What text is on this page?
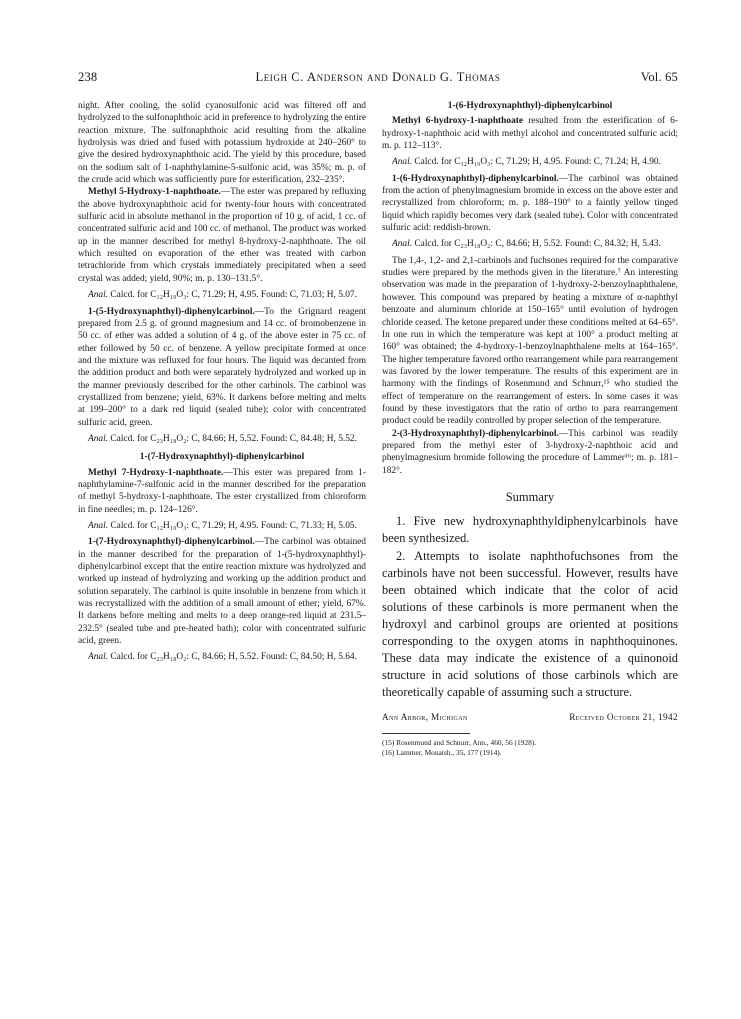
238	Leigh C. Anderson and Donald G. Thomas	Vol. 65

night. After cooling, the solid cyanosulfonic acid was filtered off and hydrolyzed to the sulfonaphthoic acid in preference to hydrolyzing the entire reaction mixture. The sulfonaphthoic acid resulting from the alkaline hydrolysis was dried and fused with potassium hydroxide at 240–260° to give the desired hydroxynaphthoic acid. The yield by this procedure, based on the sodium salt of 1-naphthylamine-5-sulfonic acid, was 35%; m. p. of the crude acid which was sufficiently pure for esterification, 232–235°.

Methyl 5-Hydroxy-1-naphthoate.—The ester was prepared by refluxing the above hydroxynaphthoic acid for twenty-four hours with concentrated sulfuric acid in absolute methanol in the proportion of 10 g. of acid, 1 cc. of concentrated sulfuric acid and 100 cc. of methanol. The product was worked up in the manner described for methyl 8-hydroxy-2-naphthoate. The oil which resulted on evaporation of the ether was treated with carbon tetrachloride from which crystals immediately precipitated when a seed crystal was added; yield, 90%; m. p. 130–131.5°.

Anal. Calcd. for C₁₂H₁₀O₃: C, 71.29; H, 4.95. Found: C, 71.03; H, 5.07.

1-(5-Hydroxynaphthyl)-diphenylcarbinol.—To the Grignard reagent prepared from 2.5 g. of ground magnesium and 14 cc. of bromobenzene in 50 cc. of ether was added a solution of 4 g. of the above ester in 75 cc. of ether followed by 50 cc. of benzene. A yellow precipitate formed at once and the mixture was refluxed for four hours. The liquid was decanted from the addition product and both were separately hydrolyzed and worked up in the manner previously described for the other carbinols. The carbinol was crystallized from benzene; yield, 63%. It darkens before melting and melts at 199–200° to a dark red liquid (sealed tube); color with concentrated sulfuric acid, green.

Anal. Calcd. for C₂₃H₁₈O₂: C, 84.66; H, 5.52. Found: C, 84.48; H, 5.52.

1-(7-Hydroxynaphthyl)-diphenylcarbinol

Methyl 7-Hydroxy-1-naphthoate.—This ester was prepared from 1-naphthylamine-7-sulfonic acid in the manner described for the preparation of methyl 5-hydroxy-1-naphthoate. The ester crystallized from chloroform in fine needles; m. p. 124–126°.

Anal. Calcd. for C₁₂H₁₀O₃: C, 71.29; H, 4.95. Found: C, 71.33; H, 5.05.

1-(7-Hydroxynaphthyl)-diphenylcarbinol.—The carbinol was obtained in the manner described for the preparation of 1-(5-hydroxynaphthyl)-diphenylcarbinol except that the entire reaction mixture was hydrolyzed and worked up instead of hydrolyzing and working up the addition product and solution separately. The carbinol is quite insoluble in benzene from which it was recrystallized with the addition of a small amount of ether; yield, 67%. It darkens before melting and melts to a deep orange-red liquid at 231.5–232.5° (sealed tube and pre-heated bath); color with concentrated sulfuric acid, green.

Anal. Calcd. for C₂₃H₁₈O₂: C, 84.66; H, 5.52. Found: C, 84.50; H, 5.64.

1-(6-Hydroxynaphthyl)-diphenylcarbinol

Methyl 6-hydroxy-1-naphthoate resulted from the esterification of 6-hydroxy-1-naphthoic acid with methyl alcohol and concentrated sulfuric acid; m. p. 112–113°.

Anal. Calcd. for C₁₂H₁₀O₃: C, 71.29; H, 4.95. Found: C, 71.24; H, 4.90.

1-(6-Hydroxynaphthyl)-diphenylcarbinol.—The carbinol was obtained from the action of phenylmagnesium bromide in excess on the above ester and recrystallized from chloroform; m. p. 188–190° to a faintly yellow tinged liquid which rapidly becomes very dark (sealed tube). Color with concentrated sulfuric acid: reddish-brown.

Anal. Calcd. for C₂₃H₁₈O₂: C, 84.66; H, 5.52. Found: C, 84.32; H, 5.43.

The 1,4-, 1,2- and 2,1-carbinols and fuchsones required for the comparative studies were prepared by the methods given in the literature.⁷ An interesting observation was made in the preparation of 1-hydroxy-2-benzoylnaphthalene, however. This compound was prepared by heating a mixture of α-naphthyl benzoate and aluminum chloride at 150–165° until evolution of hydrogen chloride ceased. The ketone prepared under these conditions melted at 64–65°. In one run in which the temperature was kept at 100° a product melting at 160° was obtained; the 4-hydroxy-1-benzoylnaphthalene melts at 164–165°. The higher temperature favored ortho rearrangement while para rearrangement was favored by the lower temperature. The results of this experiment are in harmony with the findings of Rosenmund and Schnurr,¹⁵ who studied the effect of temperature on the rearrangement of esters. In some cases it was found by these investigators that the ratio of ortho to para rearrangement product could be readily controlled by proper selection of the temperature.

2-(3-Hydroxynaphthyl)-diphenylcarbinol.—This carbinol was readily prepared from the methyl ester of 3-hydroxy-2-naphthoic acid and phenylmagnesium bromide following the procedure of Lammer¹⁶; m. p. 181–182°.

Summary

1. Five new hydroxynaphthyldiphenylcarbinols have been synthesized.

2. Attempts to isolate naphthofuchsones from the carbinols have not been successful. However, results have been obtained which indicate that the color of acid solutions of these carbinols is more permanent when the hydroxyl and carbinol groups are oriented at positions corresponding to the oxygen atoms in naphthoquinones. These data may indicate the existence of a quinonoid structure in acid solutions of those carbinols which are theoretically capable of assuming such a structure.

Ann Arbor, Michigan	Received October 21, 1942
(15) Rosenmund and Schnurr, Ann., 460, 56 (1928).
(16) Lammer, Monatsh., 35, 177 (1914).
